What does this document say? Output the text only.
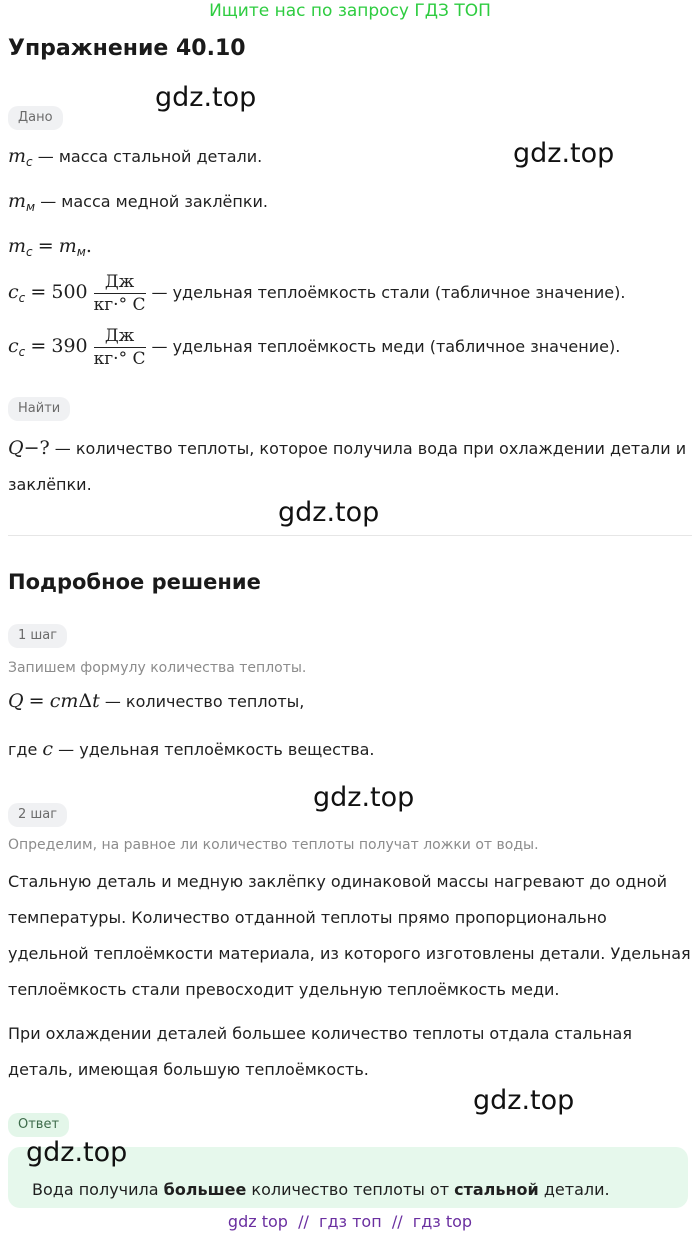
Ищите нас по запросу ГДЗ ТОП
Упражнение 40.10
gdz.top
gdz.top
gdz.top
gdz.top
gdz.top
Дано
$m_c$ — масса стальной детали.
$m_м$ — масса медной заклёпки.
$m_c = m_м$.
$c_c = 500 \frac{Дж}{кг\cdot^\circ С}$ — удельная теплоёмкость стали (табличное значение).
$c_c = 390 \frac{Дж}{кг\cdot^\circ С}$ — удельная теплоёмкость меди (табличное значение).
Найти
Q−? — количество теплоты, которое получила вода при охлаждении детали и заклёпки.
Подробное решение
1 шаг
Запишем формулу количества теплоты.
Q = cmΔt — количество теплоты,
где c — удельная теплоёмкость вещества.
2 шаг
Определим, на равное ли количество теплоты получат ложки от воды.
Стальную деталь и медную заклёпку одинаковой массы нагревают до одной температуры. Количество отданной теплоты прямо пропорционально удельной теплоёмкости материала, из которого изготовлены детали. Удельная теплоёмкость стали превосходит удельную теплоёмкость меди.
При охлаждении деталей большее количество теплоты отдала стальная деталь, имеющая большую теплоёмкость.
Ответ
gdz.top
Вода получила большее количество теплоты от стальной детали.
gdz top  //  гдз топ  //  гдз top
